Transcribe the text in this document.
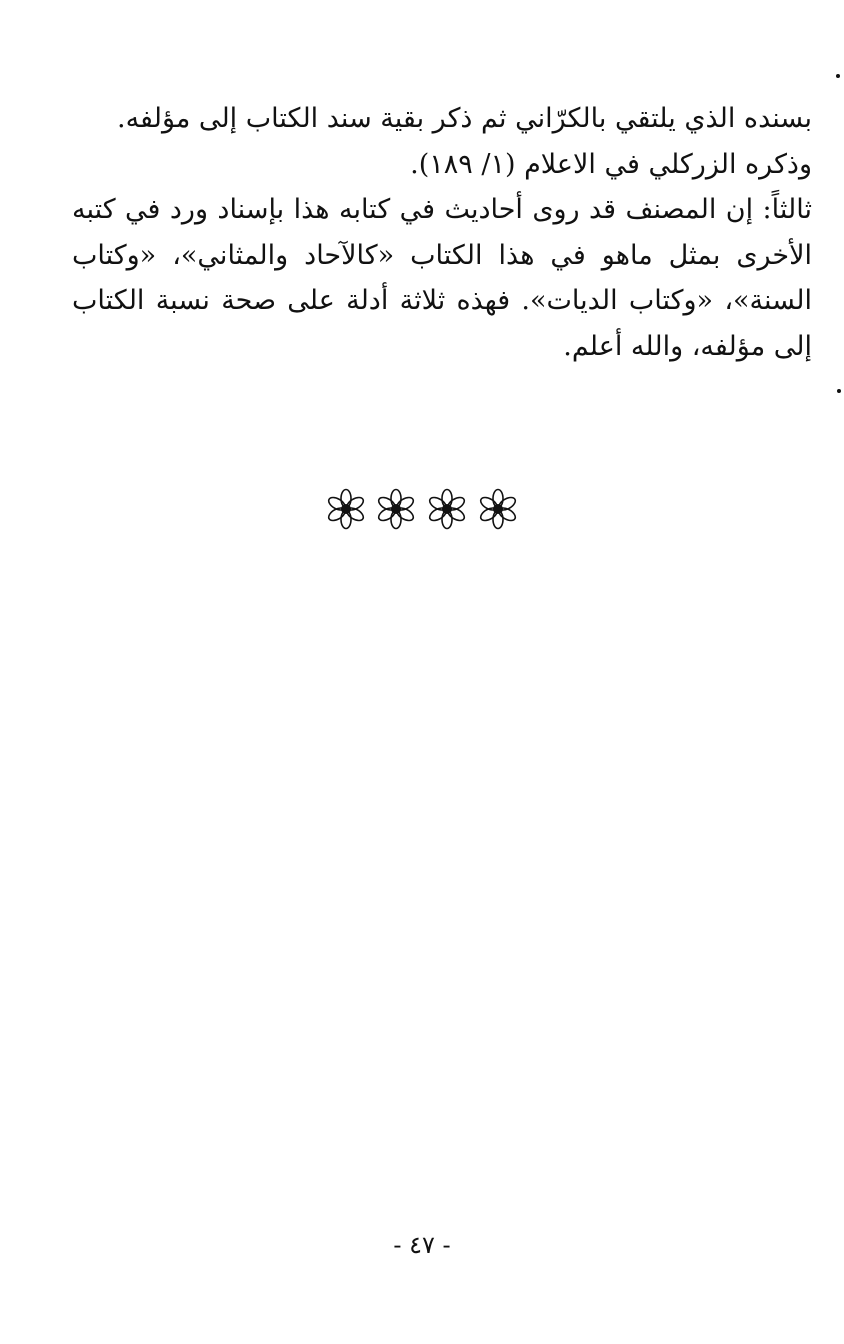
بسنده الذي يلتقي بالكرّاني ثم ذكر بقية سند الكتاب إلى مؤلفه.

وذكره الزركلي في الاعلام (١/ ١٨٩).

ثالثاً: إن المصنف قد روى أحاديث في كتابه هذا بإسناد ورد في كتبه الأخرى بمثل ماهو في هذا الكتاب «كالآحاد والمثاني»، «وكتاب السنة»، «وكتاب الديات». فهذه ثلاثة أدلة على صحة نسبة الكتاب إلى مؤلفه، والله أعلم.

- ٤٧ -
